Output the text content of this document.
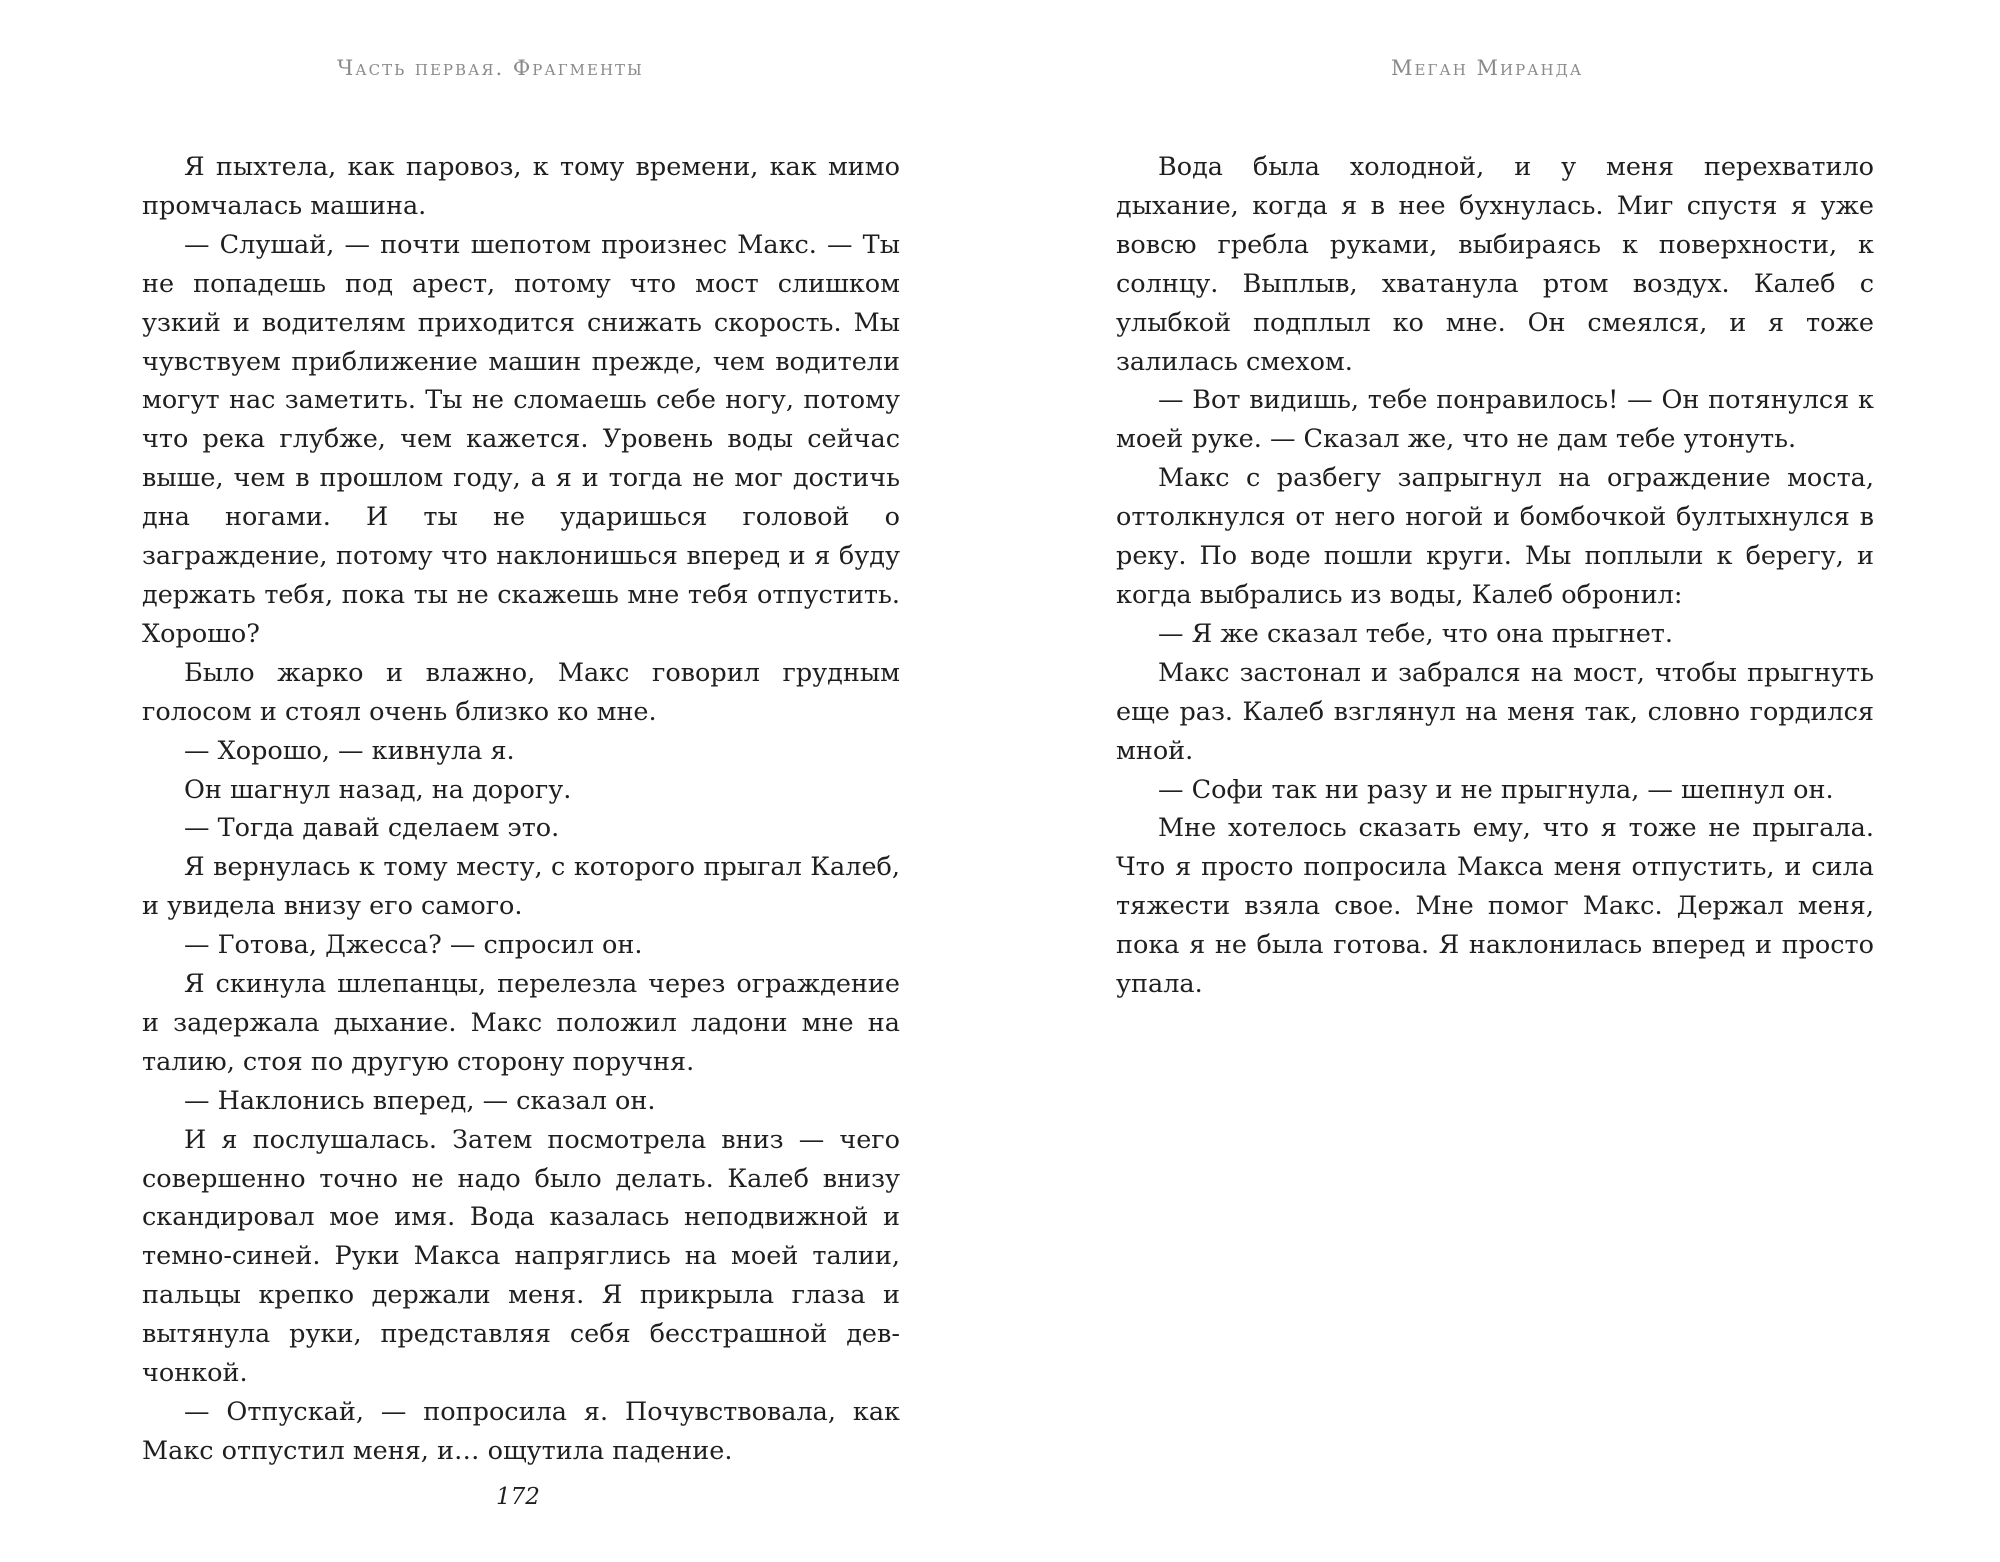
Часть первая. Фрагменты

Я пыхтела, как паровоз, к тому времени, как мимо промчалась машина.

— Слушай, — почти шепотом произнес Макс. — Ты не попадешь под арест, потому что мост слишком узкий и водителям приходится снижать скорость. Мы чувствуем приближение машин прежде, чем водители могут нас заметить. Ты не сломаешь себе ногу, потому что река глубже, чем кажется. Уровень воды сейчас выше, чем в прошлом году, а я и тогда не мог достичь дна ногами. И ты не ударишься головой о заграждение, потому что наклонишься вперед и я буду держать тебя, пока ты не скажешь мне тебя отпустить. Хорошо?

Было жарко и влажно, Макс говорил грудным голосом и стоял очень близко ко мне.

— Хорошо, — кивнула я.

Он шагнул назад, на дорогу.

— Тогда давай сделаем это.

Я вернулась к тому месту, с которого прыгал Калеб, и увидела внизу его самого.

— Готова, Джесса? — спросил он.

Я скинула шлепанцы, перелезла через ограждение и задержала дыхание. Макс положил ладони мне на талию, стоя по другую сторону поручня.

— Наклонись вперед, — сказал он.

И я послушалась. Затем посмотрела вниз — чего совершенно точно не надо было делать. Калеб внизу скандировал мое имя. Вода казалась неподвижной и темно-синей. Руки Макса напряглись на моей талии, пальцы крепко держали меня. Я прикрыла глаза и вытянула руки, представляя себя бесстрашной девчонкой.

— Отпускай, — попросила я. Почувствовала, как Макс отпустил меня, и… ощутила падение.

172
Меган Миранда

Вода была холодной, и у меня перехватило дыхание, когда я в нее бухнулась. Миг спустя я уже вовсю гребла руками, выбираясь к поверхности, к солнцу. Выплыв, хватанула ртом воздух. Калеб с улыбкой подплыл ко мне. Он смеялся, и я тоже залилась смехом.

— Вот видишь, тебе понравилось! — Он потянулся к моей руке. — Сказал же, что не дам тебе утонуть.

Макс с разбегу запрыгнул на ограждение моста, оттолкнулся от него ногой и бомбочкой бултыхнулся в реку. По воде пошли круги. Мы поплыли к берегу, и когда выбрались из воды, Калеб обронил:

— Я же сказал тебе, что она прыгнет.

Макс застонал и забрался на мост, чтобы прыгнуть еще раз. Калеб взглянул на меня так, словно гордился мной.

— Софи так ни разу и не прыгнула, — шепнул он.

Мне хотелось сказать ему, что я тоже не прыгала. Что я просто попросила Макса меня отпустить, и сила тяжести взяла свое. Мне помог Макс. Держал меня, пока я не была готова. Я наклонилась вперед и просто упала.
